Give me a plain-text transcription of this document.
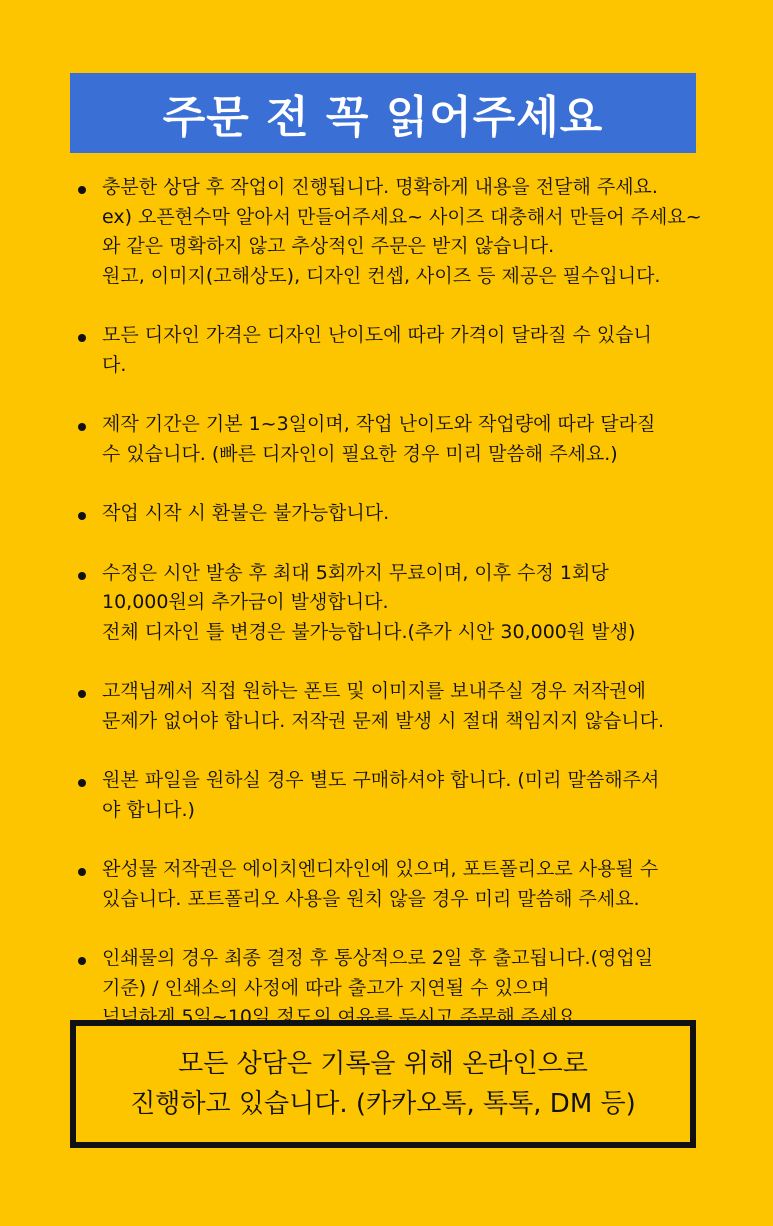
주문 전 꼭 읽어주세요
충분한 상담 후 작업이 진행됩니다. 명확하게 내용을 전달해 주세요.
ex) 오픈현수막 알아서 만들어주세요~ 사이즈 대충해서 만들어 주세요~
와 같은 명확하지 않고 추상적인 주문은 받지 않습니다.
원고, 이미지(고해상도), 디자인 컨셉, 사이즈 등 제공은 필수입니다.
모든 디자인 가격은 디자인 난이도에 따라 가격이 달라질 수 있습니
다.
제작 기간은 기본 1~3일이며, 작업 난이도와 작업량에 따라 달라질
수 있습니다. (빠른 디자인이 필요한 경우 미리 말씀해 주세요.)
작업 시작 시 환불은 불가능합니다.
수정은 시안 발송 후 최대 5회까지 무료이며, 이후 수정 1회당
10,000원의 추가금이 발생합니다.
전체 디자인 틀 변경은 불가능합니다.(추가 시안 30,000원 발생)
고객님께서 직접 원하는 폰트 및 이미지를 보내주실 경우 저작권에
문제가 없어야 합니다. 저작권 문제 발생 시 절대 책임지지 않습니다.
원본 파일을 원하실 경우 별도 구매하셔야 합니다. (미리 말씀해주셔
야 합니다.)
완성물 저작권은 에이치엔디자인에 있으며, 포트폴리오로 사용될 수
있습니다. 포트폴리오 사용을 원치 않을 경우 미리 말씀해 주세요.
인쇄물의 경우 최종 결정 후 통상적으로 2일 후 출고됩니다.(영업일
기준) / 인쇄소의 사정에 따라 출고가 지연될 수 있으며
넉넉하게 5일~10일 정도의 여유를 두시고 주문해 주세요.
모든 상담은 기록을 위해 온라인으로
진행하고 있습니다. (카카오톡, 톡톡, DM 등)
